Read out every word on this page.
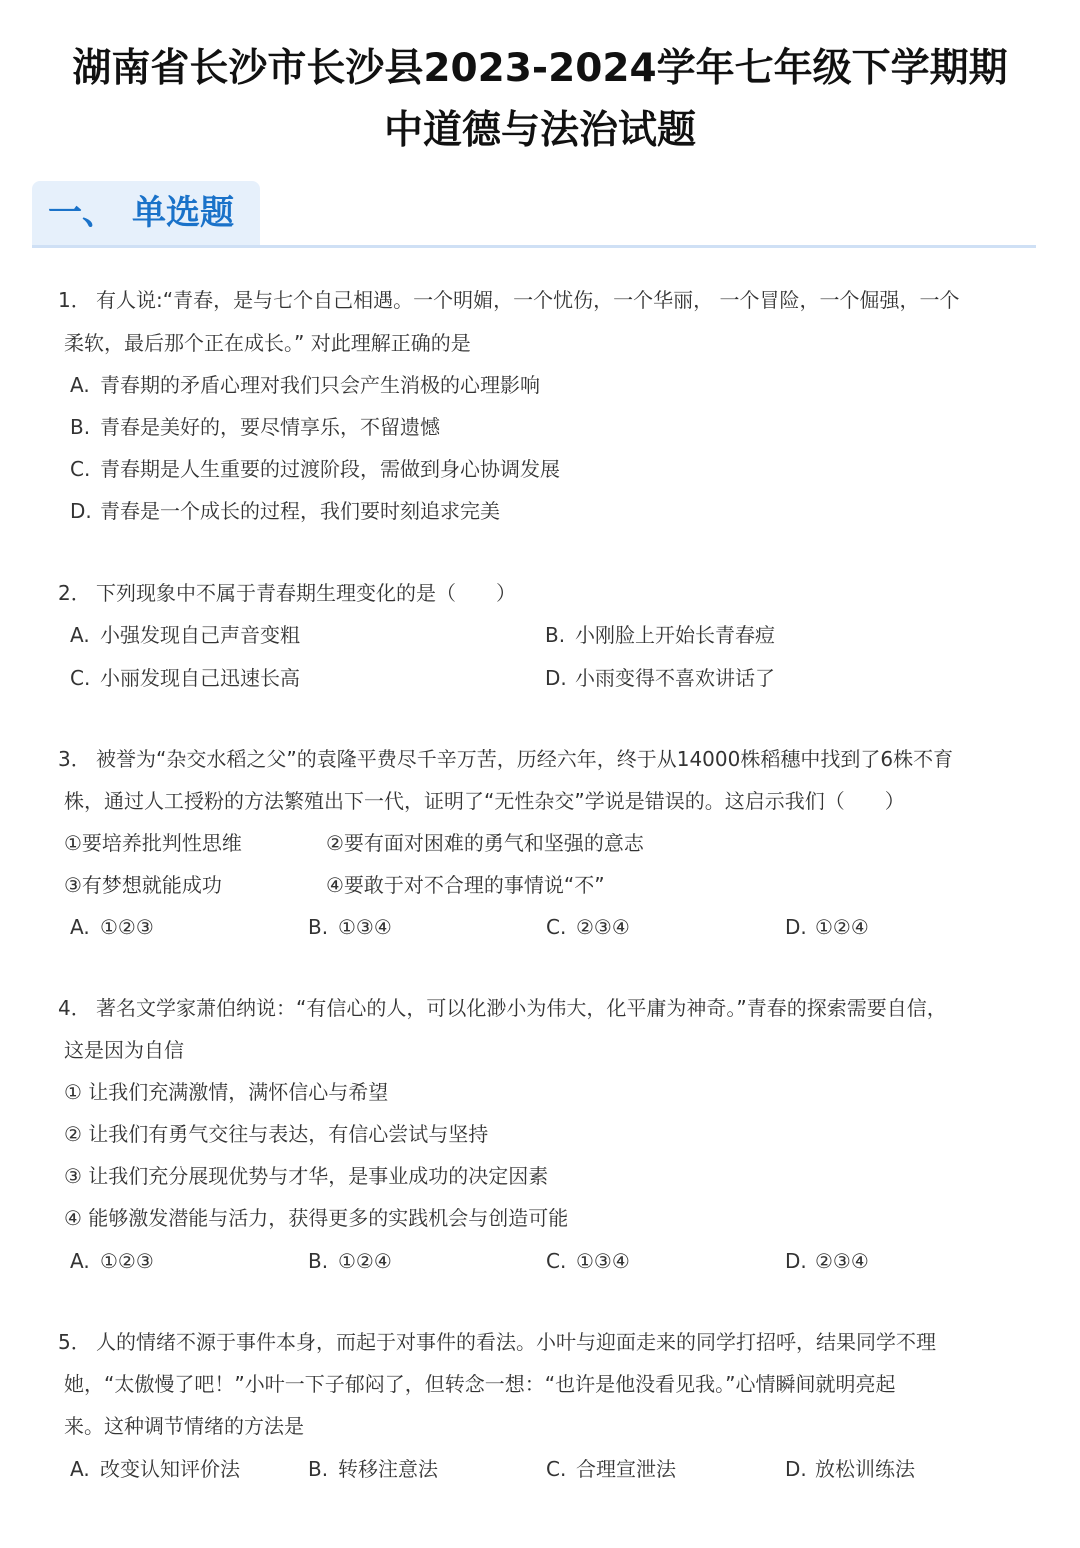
湖南省长沙市长沙县2023-2024学年七年级下学期期
中道德与法治试题
一、 单选题
1． 有人说:“青春，是与七个自己相遇。一个明媚，一个忧伤，一个华丽， 一个冒险，一个倔强，一个
柔软，最后那个正在成长。” 对此理解正确的是
A. 青春期的矛盾心理对我们只会产生消极的心理影响
B. 青春是美好的，要尽情享乐，不留遗憾
C. 青春期是人生重要的过渡阶段，需做到身心协调发展
D. 青春是一个成长的过程，我们要时刻追求完美
2． 下列现象中不属于青春期生理变化的是（　　）
A. 小强发现自己声音变粗	B. 小刚脸上开始长青春痘
C. 小丽发现自己迅速长高	D. 小雨变得不喜欢讲话了
3． 被誉为“杂交水稻之父”的袁隆平费尽千辛万苦，历经六年，终于从14000株稻穗中找到了6株不育
株，通过人工授粉的方法繁殖出下一代，证明了“无性杂交”学说是错误的。这启示我们（　　）
①要培养批判性思维	②要有面对困难的勇气和坚强的意志
③有梦想就能成功	④要敢于对不合理的事情说“不”
A. ①②③	B. ①③④	C. ②③④	D. ①②④
4． 著名文学家萧伯纳说：“有信心的人，可以化渺小为伟大，化平庸为神奇。”青春的探索需要自信，
这是因为自信
① 让我们充满激情，满怀信心与希望
② 让我们有勇气交往与表达，有信心尝试与坚持
③ 让我们充分展现优势与才华，是事业成功的决定因素
④ 能够激发潜能与活力，获得更多的实践机会与创造可能
A. ①②③	B. ①②④	C. ①③④	D. ②③④
5． 人的情绪不源于事件本身，而起于对事件的看法。小叶与迎面走来的同学打招呼，结果同学不理
她，“太傲慢了吧！”小叶一下子郁闷了，但转念一想：“也许是他没看见我。”心情瞬间就明亮起
来。这种调节情绪的方法是
A. 改变认知评价法	B. 转移注意法	C. 合理宣泄法	D. 放松训练法
